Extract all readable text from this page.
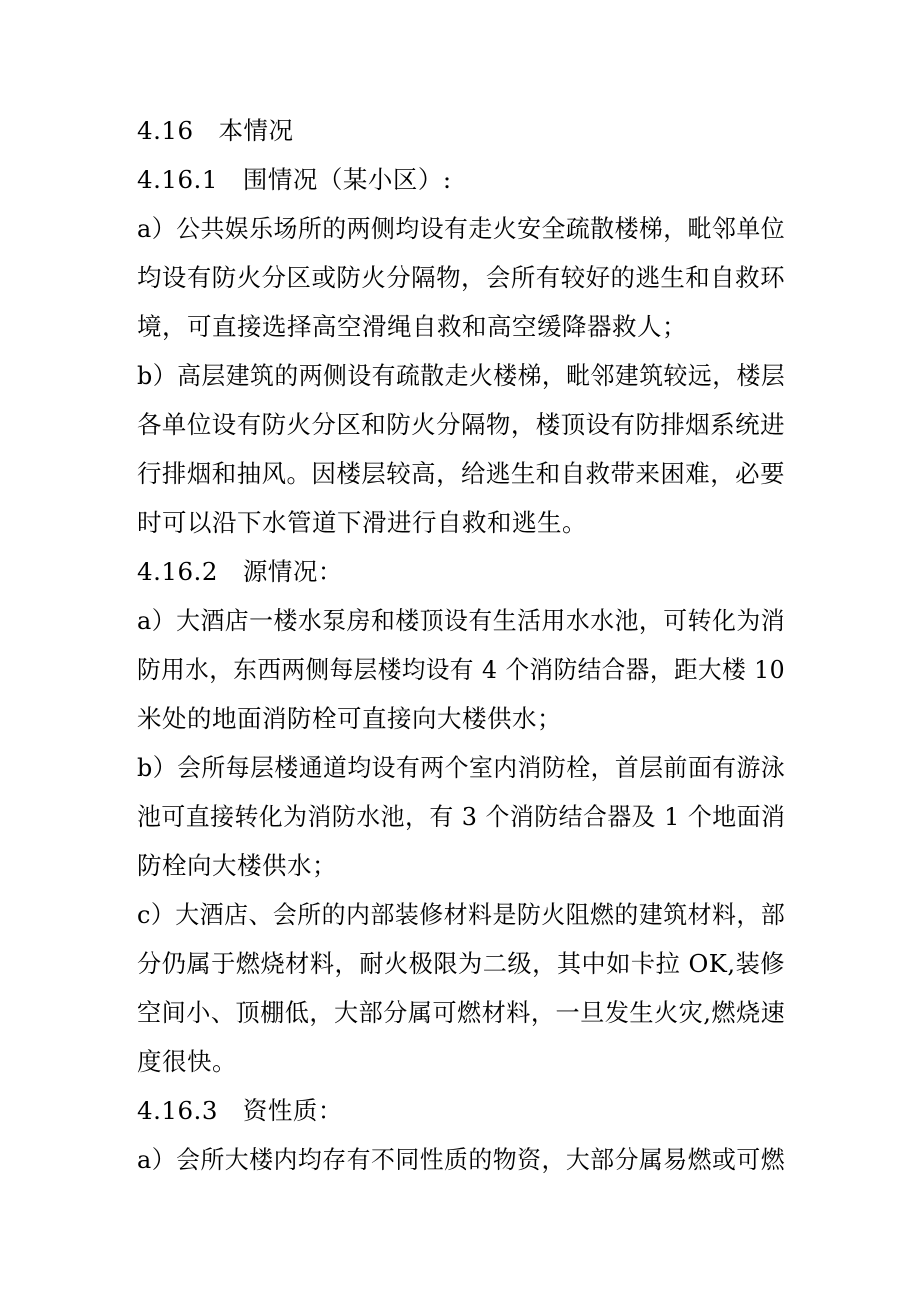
4.16　本情况
4.16.1　围情况（某小区）:
a）公共娱乐场所的两侧均设有走火安全疏散楼梯，毗邻单位
均设有防火分区或防火分隔物，会所有较好的逃生和自救环
境，可直接选择高空滑绳自救和高空缓降器救人；
b）高层建筑的两侧设有疏散走火楼梯，毗邻建筑较远，楼层
各单位设有防火分区和防火分隔物，楼顶设有防排烟系统进
行排烟和抽风。因楼层较高，给逃生和自救带来困难，必要
时可以沿下水管道下滑进行自救和逃生。
4.16.2　源情况：
a）大酒店一楼水泵房和楼顶设有生活用水水池，可转化为消
防用水，东西两侧每层楼均设有 4 个消防结合器，距大楼 10
米处的地面消防栓可直接向大楼供水；
b）会所每层楼通道均设有两个室内消防栓，首层前面有游泳
池可直接转化为消防水池，有 3 个消防结合器及 1 个地面消
防栓向大楼供水；
c）大酒店、会所的内部装修材料是防火阻燃的建筑材料，部
分仍属于燃烧材料，耐火极限为二级，其中如卡拉 OK,装修
空间小、顶棚低，大部分属可燃材料，一旦发生火灾,燃烧速
度很快。
4.16.3　资性质：
a）会所大楼内均存有不同性质的物资，大部分属易燃或可燃
